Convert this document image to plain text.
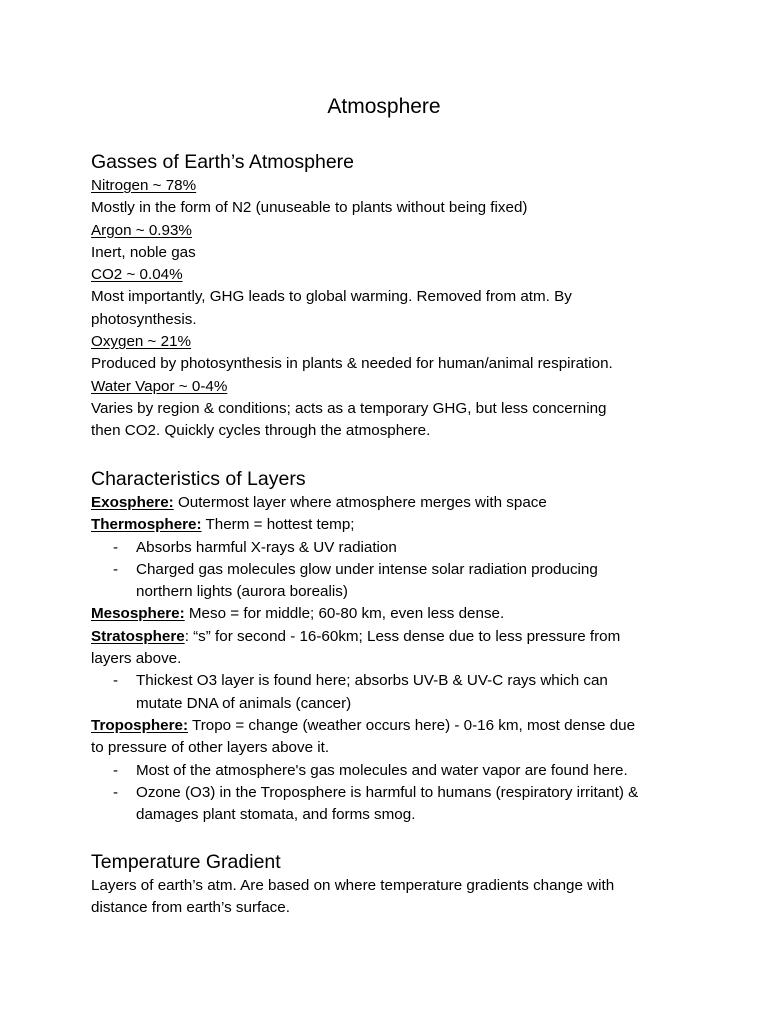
Atmosphere
Gasses of Earth’s Atmosphere

Nitrogen ~ 78%

Mostly in the form of N2 (unuseable to plants without being fixed)

Argon ~ 0.93%

Inert, noble gas

CO2 ~ 0.04%

Most importantly, GHG leads to global warming. Removed from atm. By

photosynthesis.

Oxygen ~ 21%

Produced by photosynthesis in plants & needed for human/animal respiration.

Water Vapor ~ 0-4%

Varies by region & conditions; acts as a temporary GHG, but less concerning

then CO2. Quickly cycles through the atmosphere.

Characteristics of Layers

Exosphere: Outermost layer where atmosphere merges with space

Thermosphere: Therm = hottest temp;

- Absorbs harmful X-rays & UV radiation
- Charged gas molecules glow under intense solar radiation producing
northern lights (aurora borealis)

Mesosphere: Meso = for middle; 60-80 km, even less dense.

Stratosphere: “s” for second - 16-60km; Less dense due to less pressure from

layers above.

- Thickest O3 layer is found here; absorbs UV-B & UV-C rays which can
mutate DNA of animals (cancer)

Troposphere: Tropo = change (weather occurs here) - 0-16 km, most dense due

to pressure of other layers above it.

- Most of the atmosphere's gas molecules and water vapor are found here.
- Ozone (O3) in the Troposphere is harmful to humans (respiratory irritant) &
damages plant stomata, and forms smog.
Temperature Gradient

Layers of earth’s atm. Are based on where temperature gradients change with

distance from earth’s surface.
